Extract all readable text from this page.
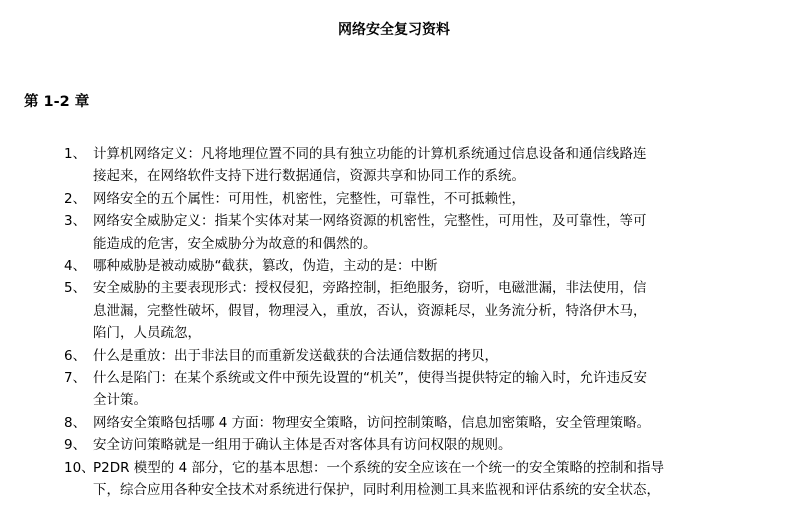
网络安全复习资料
第 1-2 章
1、 计算机网络定义：凡将地理位置不同的具有独立功能的计算机系统通过信息设备和通信线路连
接起来，在网络软件支持下进行数据通信，资源共享和协同工作的系统。
2、 网络安全的五个属性：可用性，机密性，完整性，可靠性，不可抵赖性，
3、 网络安全威胁定义：指某个实体对某一网络资源的机密性，完整性，可用性，及可靠性，等可
能造成的危害，安全威胁分为故意的和偶然的。
4、 哪种威胁是被动威胁“截获，篡改，伪造，主动的是：中断
5、 安全威胁的主要表现形式：授权侵犯，旁路控制，拒绝服务，窃听，电磁泄漏，非法使用，信
息泄漏，完整性破坏，假冒，物理浸入，重放，否认，资源耗尽，业务流分析，特洛伊木马，
陷门，人员疏忽，
6、 什么是重放：出于非法目的而重新发送截获的合法通信数据的拷贝，
7、 什么是陷门：在某个系统或文件中预先设置的“机关”，使得当提供特定的输入时，允许违反安
全计策。
8、 网络安全策略包括哪 4 方面：物理安全策略，访问控制策略，信息加密策略，安全管理策略。
9、 安全访问策略就是一组用于确认主体是否对客体具有访问权限的规则。
10、
P2DR 模型的 4 部分，它的基本思想：一个系统的安全应该在一个统一的安全策略的控制和指导
下，综合应用各种安全技术对系统进行保护，同时利用检测工具来监视和评估系统的安全状态，
